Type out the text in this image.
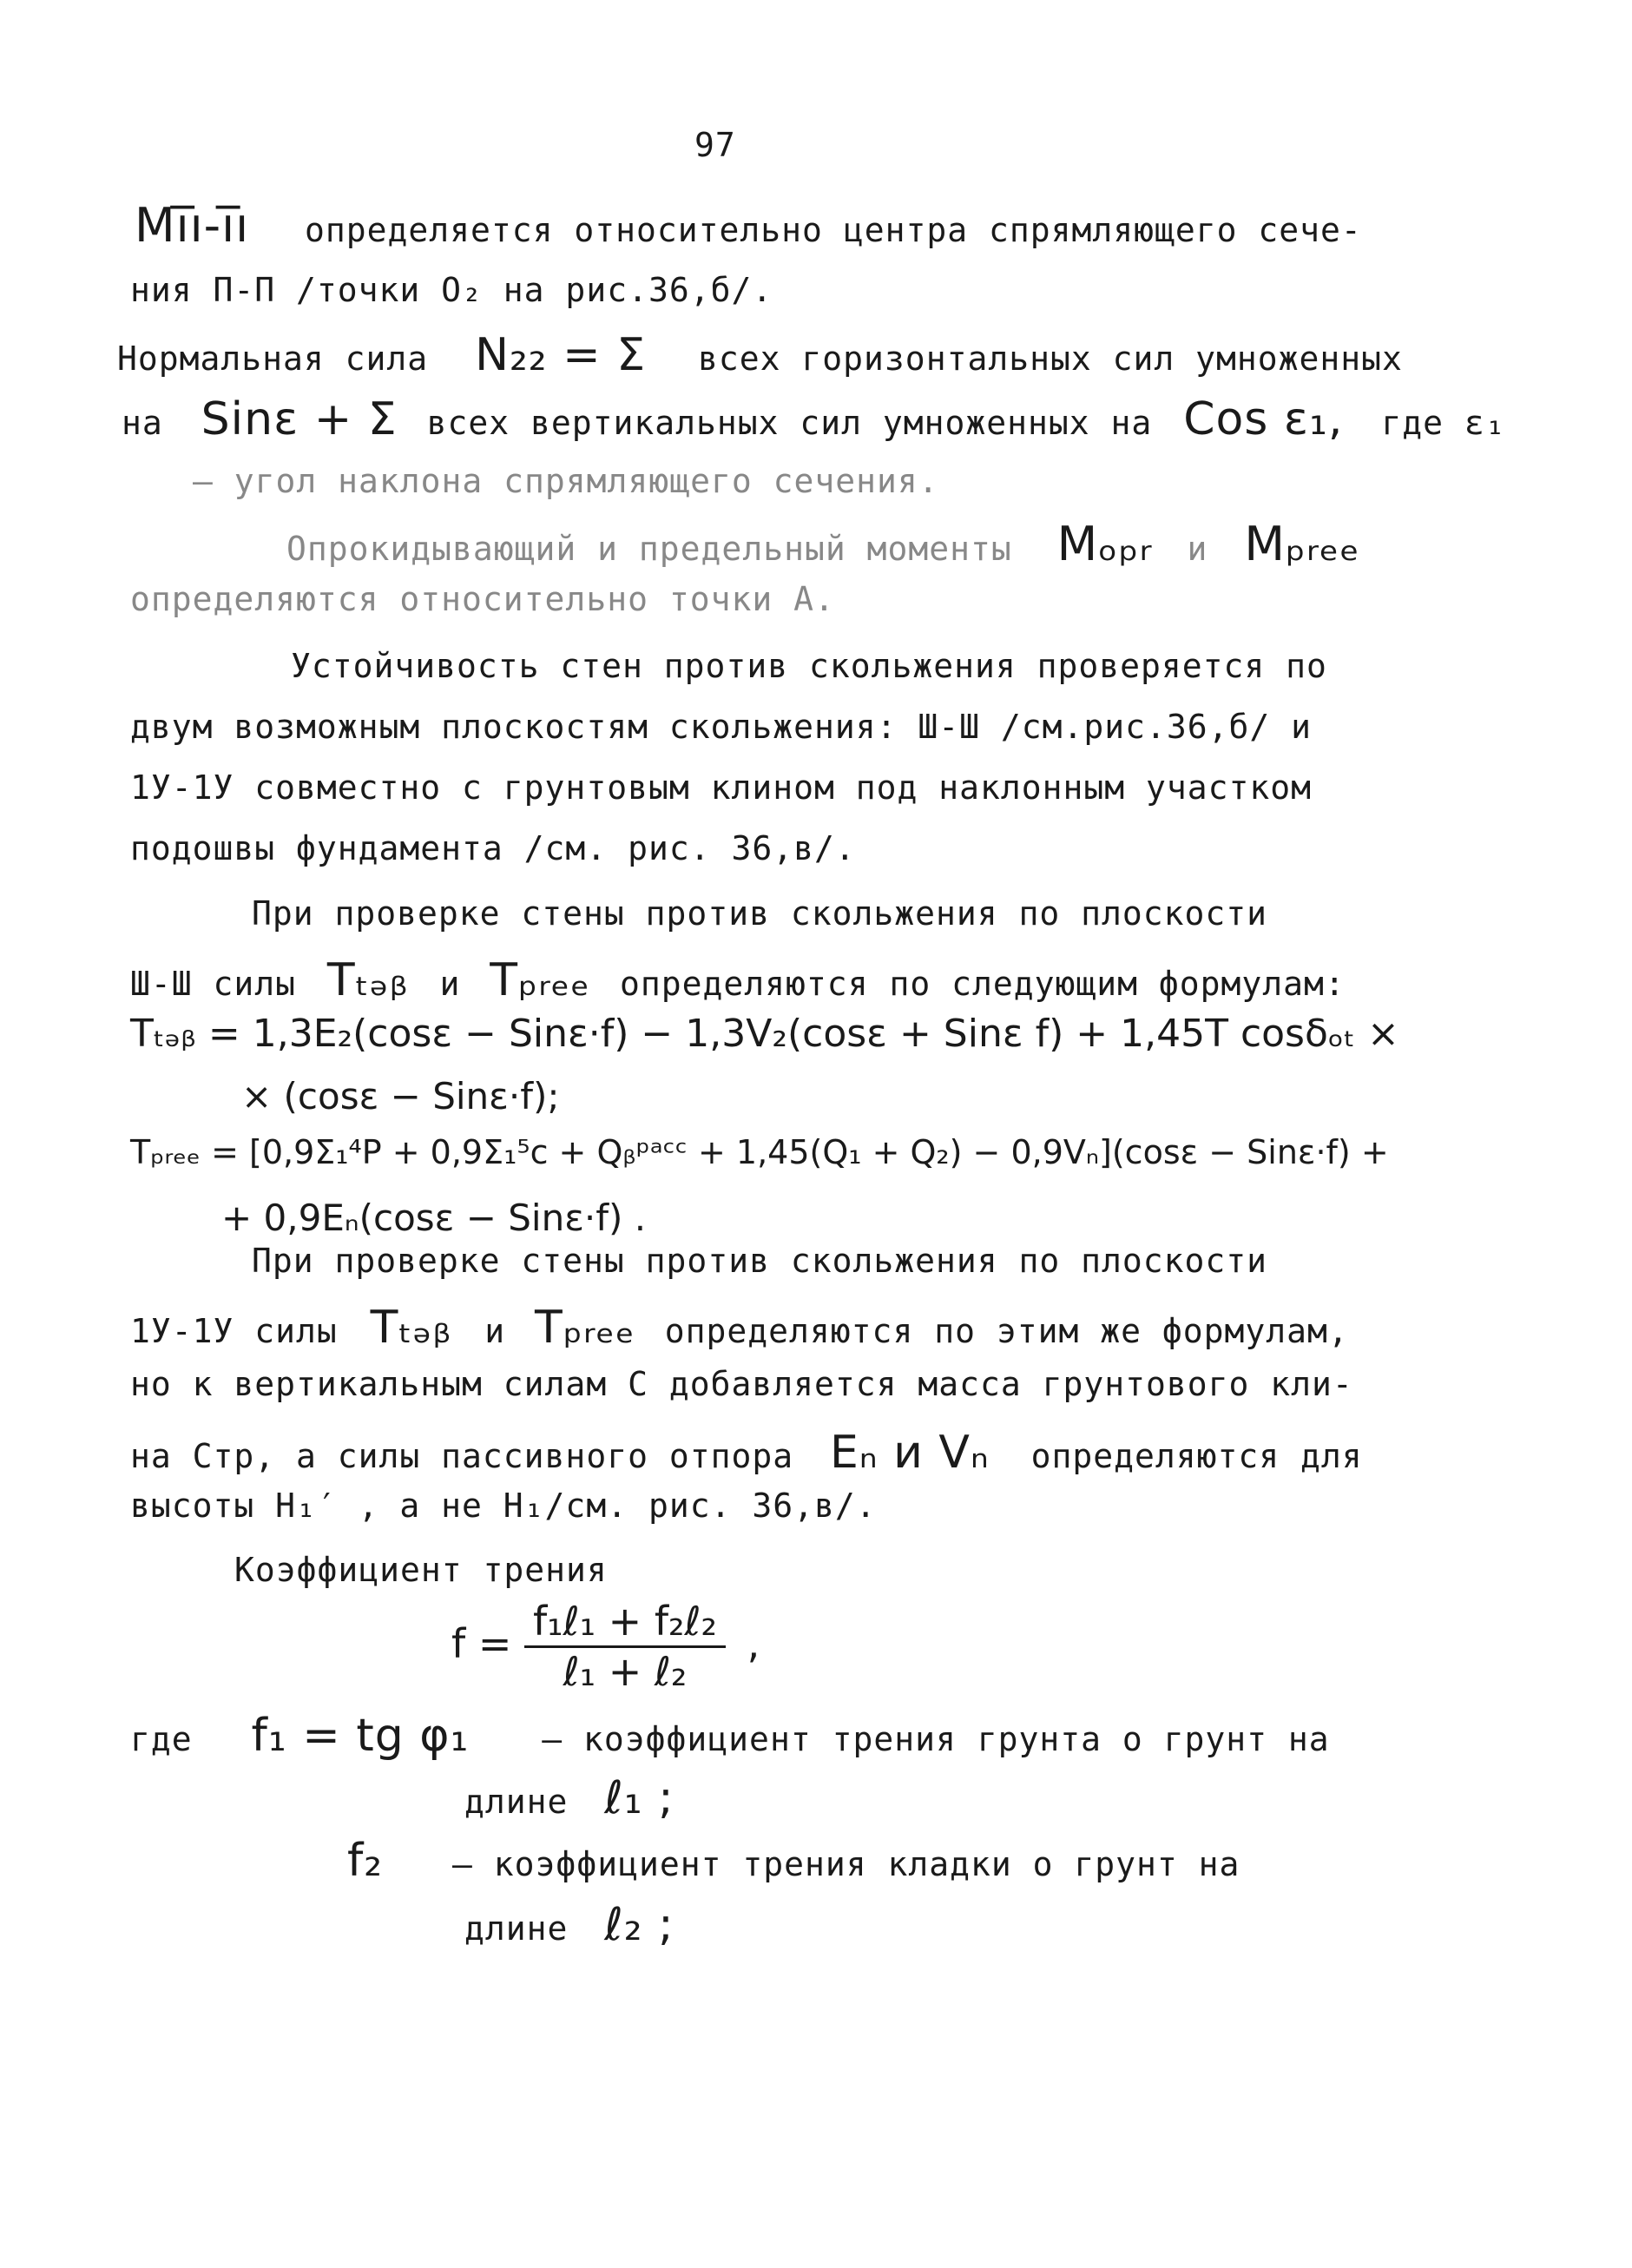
97
Mı̅ı-ı̅ı определяется относительно центра спрямляющего сече-
ния П-П /точки О₂ на рис.36,б/.
Нормальная сила N₂₂ = Σ всех горизонтальных сил умноженных
на Sinε + Σ всех вертикальных сил умноженных на Cos ε₁, где ε₁
– угол наклона спрямляющего сечения.
Опрокидывающий и предельный моменты Mₒₚᵣ и Mₚᵣₑₑ
определяются относительно точки А.
Устойчивость стен против скольжения проверяется по
двум возможным плоскостям скольжения: Ш-Ш /см.рис.36,б/ и
1У-1У совместно с грунтовым клином под наклонным участком
подошвы фундамента /см. рис. 36,в/.
При проверке стены против скольжения по плоскости
Ш-Ш силы Tₜₔᵦ и Tₚᵣₑₑ определяются по следующим формулам:
Tₜₔᵦ = 1,3E₂(cosε − Sinε·f) − 1,3V₂(cosε + Sinε f) + 1,45T cosδₒₜ ×
× (cosε − Sinε·f);
Tₚᵣₑₑ = [0,9Σ₁⁴P + 0,9Σ₁⁵c + Qᵦᵖᵃᶜᶜ + 1,45(Q₁ + Q₂) − 0,9Vₙ](cosε − Sinε·f) +
+ 0,9Eₙ(cosε − Sinε·f) .
При проверке стены против скольжения по плоскости
1У-1У силы Tₜₔᵦ и Tₚᵣₑₑ определяются по этим же формулам,
но к вертикальным силам С добавляется масса грунтового кли-
на Стр, а силы пассивного отпора Eₙ и Vₙ определяются для
высоты H₁′ , а не H₁/см. рис. 36,в/.
Коэффициент трения
$f = \frac{\text{f₁ℓ₁ + f₂ℓ₂}}{\text{ℓ₁ + ℓ₂}}$ ,
где f₁ = tg φ₁ – коэффициент трения грунта о грунт на
длине ℓ₁ ;
f₂ – коэффициент трения кладки о грунт на
длине ℓ₂ ;
